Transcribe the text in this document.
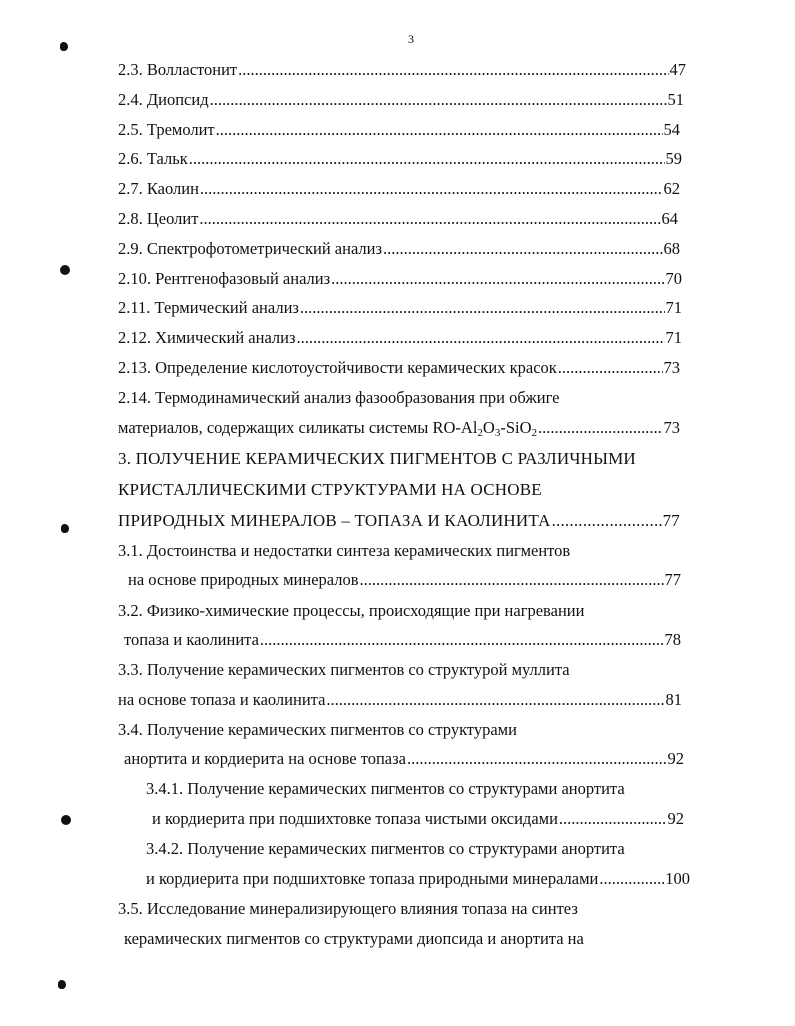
3
2.3. Волластонит .....	47
2.4. Диопсид .....	51
2.5. Тремолит .....	54
2.6. Тальк .....	59
2.7. Каолин .....	62
2.8. Цеолит .....	64
2.9. Спектрофотометрический анализ .....	68
2.10. Рентгенофазовый анализ .....	70
2.11. Термический анализ .....	71
2.12. Химический анализ .....	71
2.13. Определение кислотоустойчивости керамических красок .....	73
2.14. Термодинамический анализ фазообразования при обжиге
материалов, содержащих силикаты системы $RO-Al_2O_3-SiO_2$ .....	73
3. ПОЛУЧЕНИЕ КЕРАМИЧЕСКИХ ПИГМЕНТОВ С РАЗЛИЧНЫМИ
КРИСТАЛЛИЧЕСКИМИ СТРУКТУРАМИ НА ОСНОВЕ
ПРИРОДНЫХ МИНЕРАЛОВ – ТОПАЗА И КАОЛИНИТА .....	77
3.1. Достоинства и недостатки синтеза керамических пигментов
на основе природных минералов .....	77
3.2. Физико-химические процессы, происходящие при нагревании
топаза и каолинита .....	78
3.3. Получение керамических пигментов со структурой муллита
на основе топаза и каолинита .....	81
3.4. Получение керамических пигментов со структурами
анортита и кордиерита на основе топаза .....	92
3.4.1. Получение керамических пигментов со структурами анортита
и кордиерита при подшихтовке топаза чистыми оксидами .....	92
3.4.2. Получение керамических пигментов со структурами анортита
и кордиерита при подшихтовке топаза природными минералами .....	100
3.5. Исследование минерализирующего влияния топаза на синтез
керамических пигментов со структурами диопсида и анортита на
